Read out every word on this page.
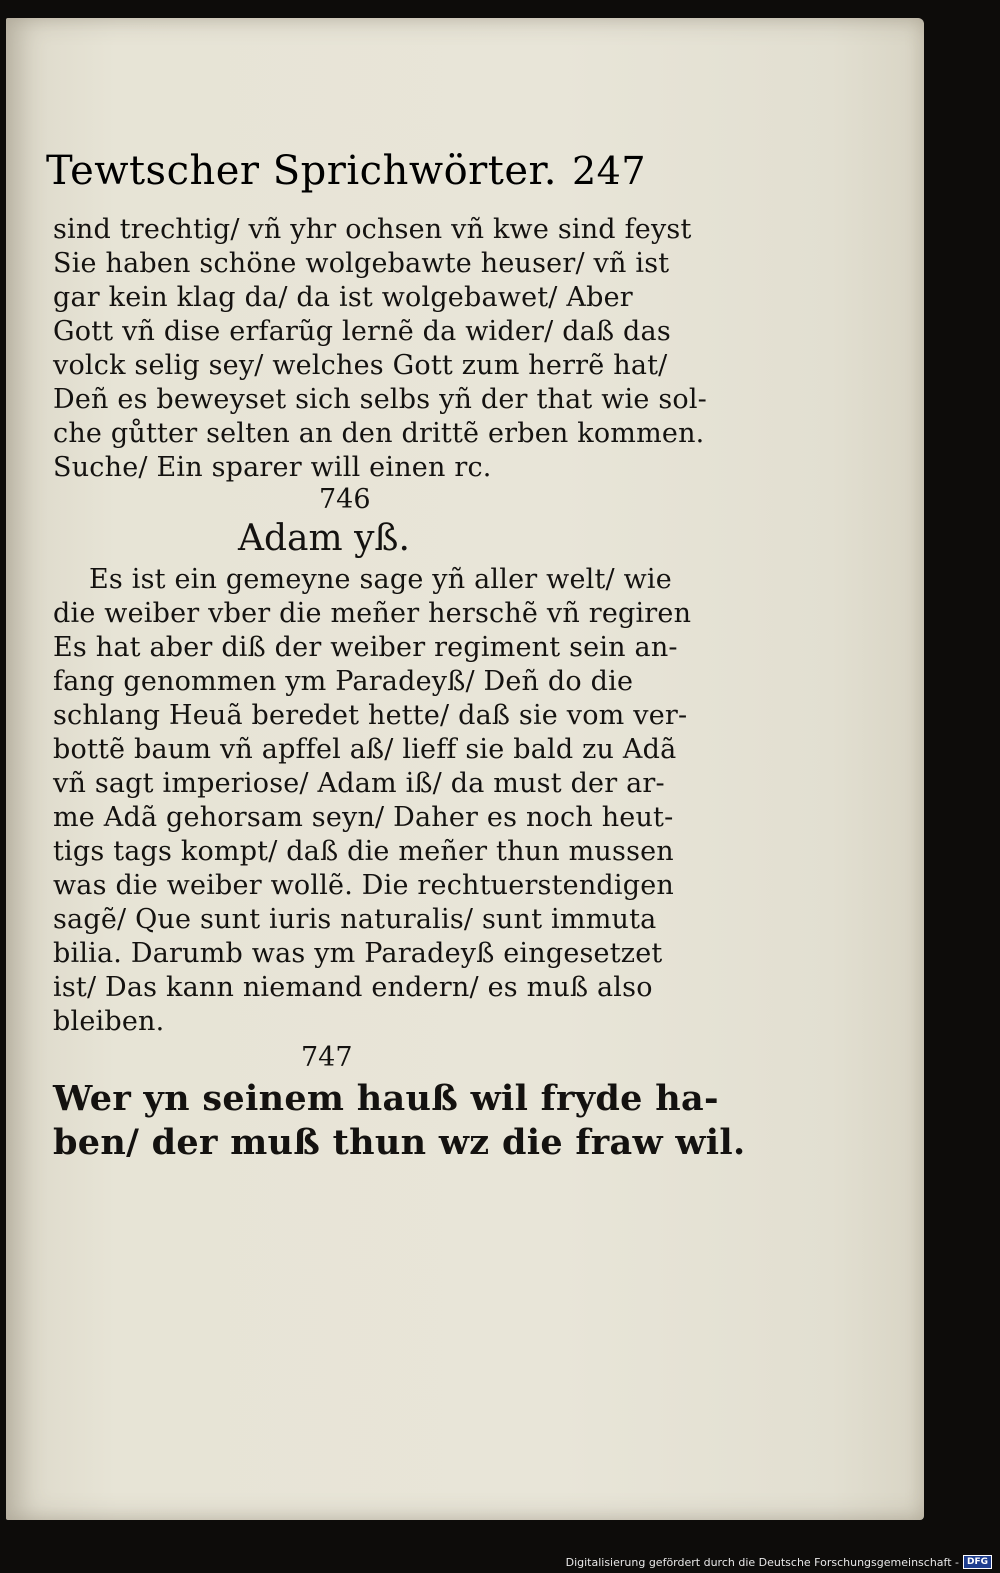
Tewtscher Sprichwörter. 247
sind trechtig/ vñ yhr ochsen vñ kwe sind feyst
Sie haben schöne wolgebawte heuser/ vñ ist
gar kein klag da/ da ist wolgebawet/ Aber
Gott vñ dise erfarũg lernẽ da wider/ daß das
volck selig sey/ welches Gott zum herrẽ hat/
Deñ es beweyset sich selbs yñ der that wie sol-
che gůtter selten an den drittẽ erben kommen.
Suche/ Ein sparer will einen rc.
746
Adam yß.
Es ist ein gemeyne sage yñ aller welt/ wie
die weiber vber die meñer herschẽ vñ regiren
Es hat aber diß der weiber regiment sein an-
fang genommen ym Paradeyß/ Deñ do die
schlang Heuã beredet hette/ daß sie vom ver-
bottẽ baum vñ apffel aß/ lieff sie bald zu Adã
vñ sagt imperiose/ Adam iß/ da must der ar-
me Adã gehorsam seyn/ Daher es noch heut-
tigs tags kompt/ daß die meñer thun mussen
was die weiber wollẽ. Die rechtuerstendigen
sagẽ/ Que sunt iuris naturalis/ sunt immuta
bilia. Darumb was ym Paradeyß eingesetzet
ist/ Das kann niemand endern/ es muß also
bleiben.
747
Wer yn seinem hauß wil fryde ha-
ben/ der muß thun wz die fraw wil.
Digitalisierung gefördert durch die Deutsche Forschungsgemeinschaft - DFG
